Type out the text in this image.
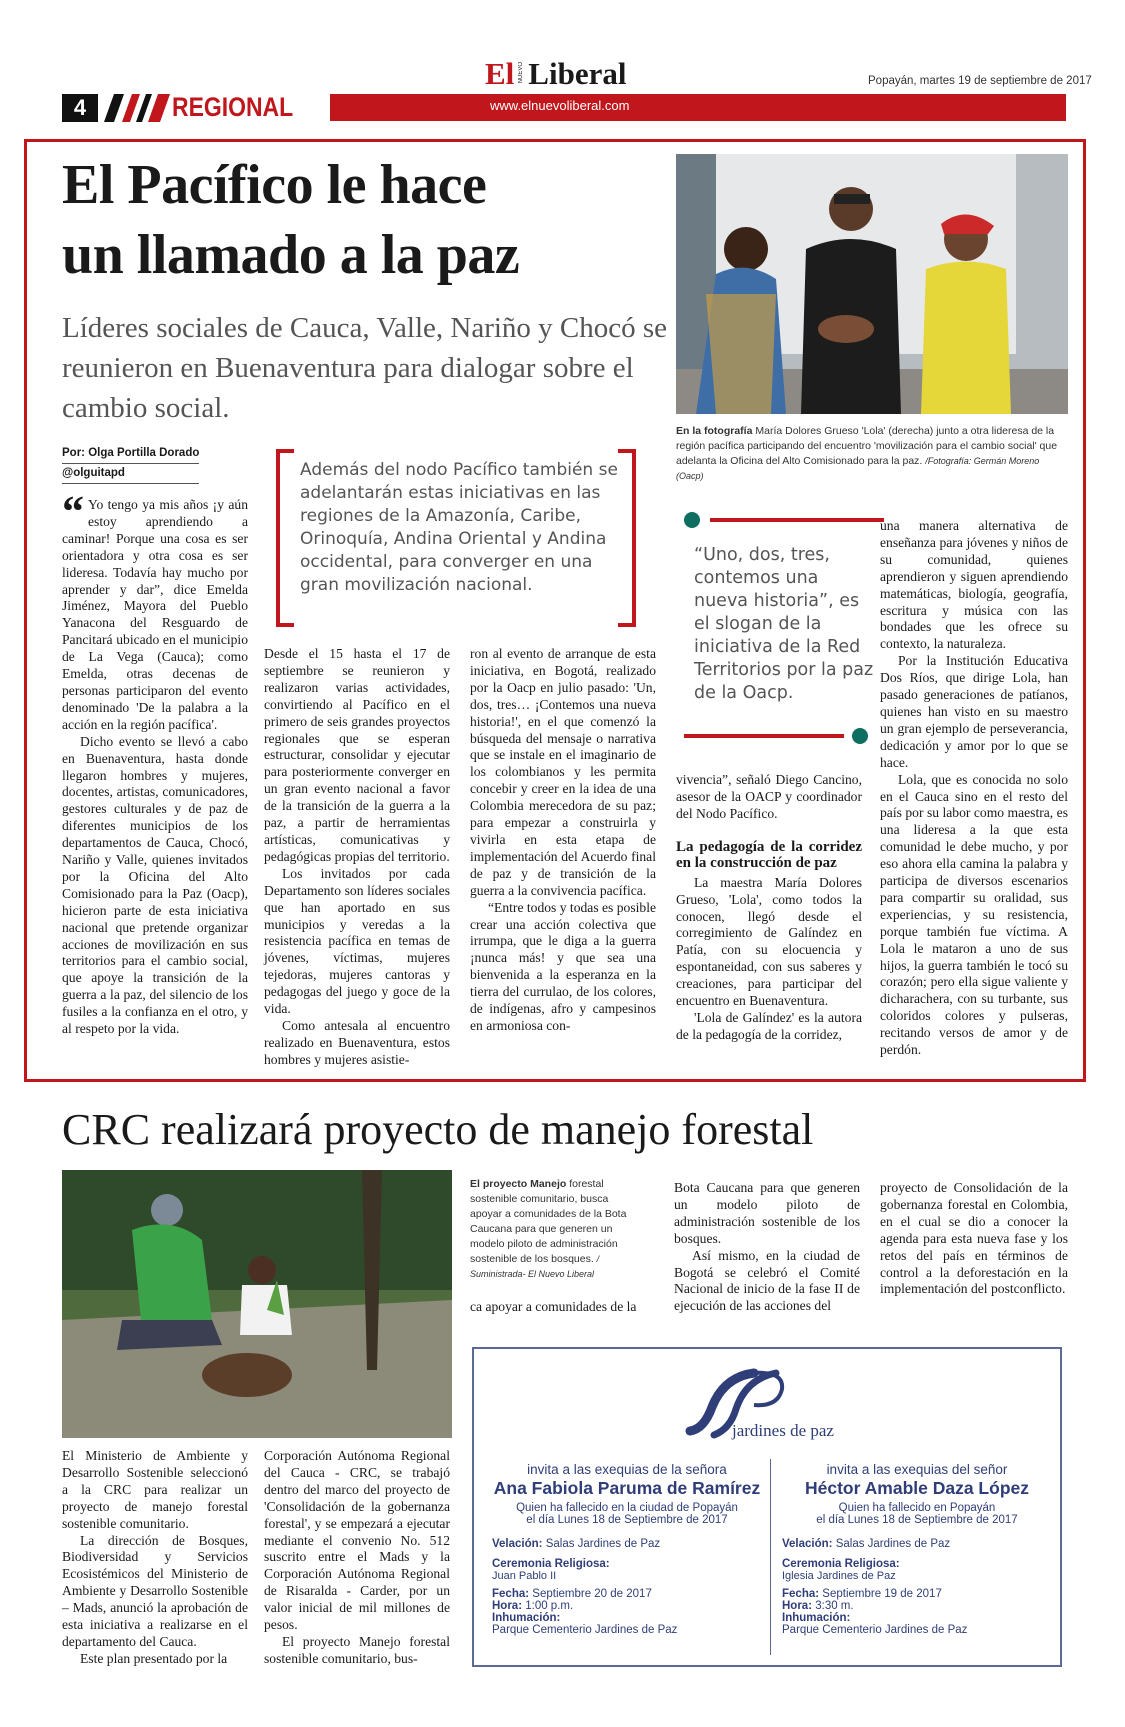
4	REGIONAL
El NUEVO Liberal
www.elnuevoliberal.com
Popayán, martes 19 de septiembre de 2017
El Pacífico le hace
un llamado a la paz
Líderes sociales de Cauca, Valle, Nariño y Chocó se reunieron en Buenaventura para dialogar sobre el cambio social.
Por: Olga Portilla Dorado
@olguitapd	Además del nodo Pacífico también se adelantarán estas iniciativas en las regiones de la Amazonía, Caribe, Orinoquía, Andina Oriental y Andina occidental, para converger en una gran movilización nacional.
En la fotografía María Dolores Grueso 'Lola' (derecha) junto a otra lideresa de la región pacífica participando del encuentro 'movilización para el cambio social' que adelanta la Oficina del Alto Comisionado para la paz. /Fotografía: Germán Moreno (Oacp)
“Uno, dos, tres, contemos una nueva historia”, es el slogan de la iniciativa de la Red Territorios por la paz de la Oacp.

“ Yo tengo ya mis años ¡y aún estoy aprendiendo a caminar! Porque una cosa es ser orientadora y otra cosa es ser lideresa. Todavía hay mucho por aprender y dar”, dice Emelda Jiménez, Mayora del Pueblo Yanacona del Resguardo de Pancitará ubicado en el municipio de La Vega (Cauca); como Emelda, otras decenas de personas participaron del evento denominado 'De la palabra a la acción en la región pacífica'.

Dicho evento se llevó a cabo en Buenaventura, hasta donde llegaron hombres y mujeres, docentes, artistas, comunicadores, gestores culturales y de paz de diferentes municipios de los departamentos de Cauca, Chocó, Nariño y Valle, quienes invitados por la Oficina del Alto Comisionado para la Paz (Oacp), hicieron parte de esta iniciativa nacional que pretende organizar acciones de movilización en sus territorios para el cambio social, que apoye la transición de la guerra a la paz, del silencio de los fusiles a la confianza en el otro, y al respeto por la vida.

Desde el 15 hasta el 17 de septiembre se reunieron y realizaron varias actividades, convirtiendo al Pacífico en el primero de seis grandes proyectos regionales que se esperan estructurar, consolidar y ejecutar para posteriormente converger en un gran evento nacional a favor de la transición de la guerra a la paz, a partir de herramientas artísticas, comunicativas y pedagógicas propias del territorio.

Los invitados por cada Departamento son líderes sociales que han aportado en sus municipios y veredas a la resistencia pacífica en temas de jóvenes, víctimas, mujeres tejedoras, mujeres cantoras y pedagogas del juego y goce de la vida.

Como antesala al encuentro realizado en Buenaventura, estos hombres y mujeres asistie-

ron al evento de arranque de esta iniciativa, en Bogotá, realizado por la Oacp en julio pasado: 'Un, dos, tres… ¡Contemos una nueva historia!', en el que comenzó la búsqueda del mensaje o narrativa que se instale en el imaginario de los colombianos y les permita concebir y creer en la idea de una Colombia merecedora de su paz; para empezar a construirla y vivirla en esta etapa de implementación del Acuerdo final de paz y de transición de la guerra a la convivencia pacífica.

“Entre todos y todas es posible crear una acción colectiva que irrumpa, que le diga a la guerra ¡nunca más! y que sea una bienvenida a la esperanza en la tierra del currulao, de los colores, de indígenas, afro y campesinos en armoniosa con-

vivencia”, señaló Diego Cancino, asesor de la OACP y coordinador del Nodo Pacífico.

La pedagogía de la corridez en la construcción de paz

La maestra María Dolores Grueso, 'Lola', como todos la conocen, llegó desde el corregimiento de Galíndez en Patía, con su elocuencia y espontaneidad, con sus saberes y creaciones, para participar del encuentro en Buenaventura.

'Lola de Galíndez' es la autora de la pedagogía de la corridez,

una manera alternativa de enseñanza para jóvenes y niños de su comunidad, quienes aprendieron y siguen aprendiendo matemáticas, biología, geografía, escritura y música con las bondades que les ofrece su contexto, la naturaleza.

Por la Institución Educativa Dos Ríos, que dirige Lola, han pasado generaciones de patíanos, quienes han visto en su maestro un gran ejemplo de perseverancia, dedicación y amor por lo que se hace.

Lola, que es conocida no solo en el Cauca sino en el resto del país por su labor como maestra, es una lideresa a la que esta comunidad le debe mucho, y por eso ahora ella camina la palabra y participa de diversos escenarios para compartir su oralidad, sus experiencias, y su resistencia, porque también fue víctima. A Lola le mataron a uno de sus hijos, la guerra también le tocó su corazón; pero ella sigue valiente y dicharachera, con su turbante, sus coloridos colores y pulseras, recitando versos de amor y de perdón.

CRC realizará proyecto de manejo forestal
El proyecto Manejo forestal sostenible comunitario, busca apoyar a comunidades de la Bota Caucana para que generen un modelo piloto de administración sostenible de los bosques. / Suministrada- El Nuevo Liberal

El Ministerio de Ambiente y Desarrollo Sostenible seleccionó a la CRC para realizar un proyecto de manejo forestal sostenible comunitario.

La dirección de Bosques, Biodiversidad y Servicios Ecosistémicos del Ministerio de Ambiente y Desarrollo Sostenible – Mads, anunció la aprobación de esta iniciativa a realizarse en el departamento del Cauca.

Este plan presentado por la

Corporación Autónoma Regional del Cauca - CRC, se trabajó dentro del marco del proyecto de 'Consolidación de la gobernanza forestal', y se empezará a ejecutar mediante el convenio No. 512 suscrito entre el Mads y la Corporación Autónoma Regional de Risaralda - Carder, por un valor inicial de mil millones de pesos.

El proyecto Manejo forestal sostenible comunitario, bus-

ca apoyar a comunidades de la

Bota Caucana para que generen un modelo piloto de administración sostenible de los bosques.

Así mismo, en la ciudad de Bogotá se celebró el Comité Nacional de inicio de la fase II de ejecución de las acciones del

proyecto de Consolidación de la gobernanza forestal en Colombia, en el cual se dio a conocer la agenda para esta nueva fase y los retos del país en términos de control a la deforestación en la implementación del postconflicto.

jardines de paz
invita a las exequias de la señora
Ana Fabiola Paruma de Ramírez
Quien ha fallecido en la ciudad de Popayán
el día Lunes 18 de Septiembre de 2017
Velación: Salas Jardines de Paz
Ceremonia Religiosa:
Juan Pablo II
Fecha: Septiembre 20 de 2017
Hora: 1:00 p.m.
Inhumación:
Parque Cementerio Jardines de Paz
invita a las exequias del señor
Héctor Amable Daza López
Quien ha fallecido en Popayán
el día Lunes 18 de Septiembre de 2017
Velación: Salas Jardines de Paz
Ceremonia Religiosa:
Iglesia Jardines de Paz
Fecha: Septiembre 19 de 2017
Hora: 3:30 m.
Inhumación:
Parque Cementerio Jardines de Paz
